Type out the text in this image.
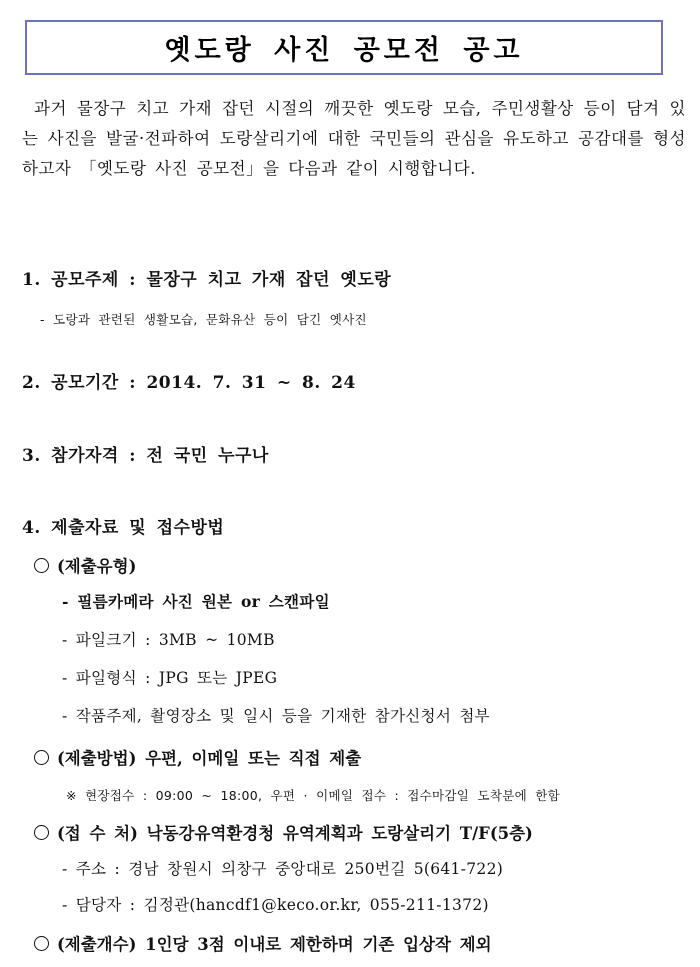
옛도랑 사진 공모전 공고

과거 물장구 치고 가재 잡던 시절의 깨끗한 옛도랑 모습, 주민생활상 등이 담겨 있는 사진을 발굴·전파하여 도랑살리기에 대한 국민들의 관심을 유도하고 공감대를 형성하고자 「옛도랑 사진 공모전」을 다음과 같이 시행합니다.

1. 공모주제 : 물장구 치고 가재 잡던 옛도랑
- 도랑과 관련된 생활모습, 문화유산 등이 담긴 옛사진
2. 공모기간 : 2014. 7. 31 ~ 8. 24
3. 참가자격 : 전 국민 누구나
4. 제출자료 및 접수방법
(제출유형)
- 필름카메라 사진 원본 or 스캔파일
- 파일크기 : 3MB ~ 10MB
- 파일형식 : JPG 또는 JPEG
- 작품주제, 촬영장소 및 일시 등을 기재한 참가신청서 첨부
(제출방법) 우편, 이메일 또는 직접 제출
※ 현장접수 : 09:00 ~ 18:00, 우편 · 이메일 접수 : 접수마감일 도착분에 한함
(접 수 처) 낙동강유역환경청 유역계획과 도랑살리기 T/F(5층)
- 주소 : 경남 창원시 의창구 중앙대로 250번길 5(641-722)
- 담당자 : 김정관(hancdf1@keco.or.kr, 055-211-1372)
(제출개수) 1인당 3점 이내로 제한하며 기존 입상작 제외
